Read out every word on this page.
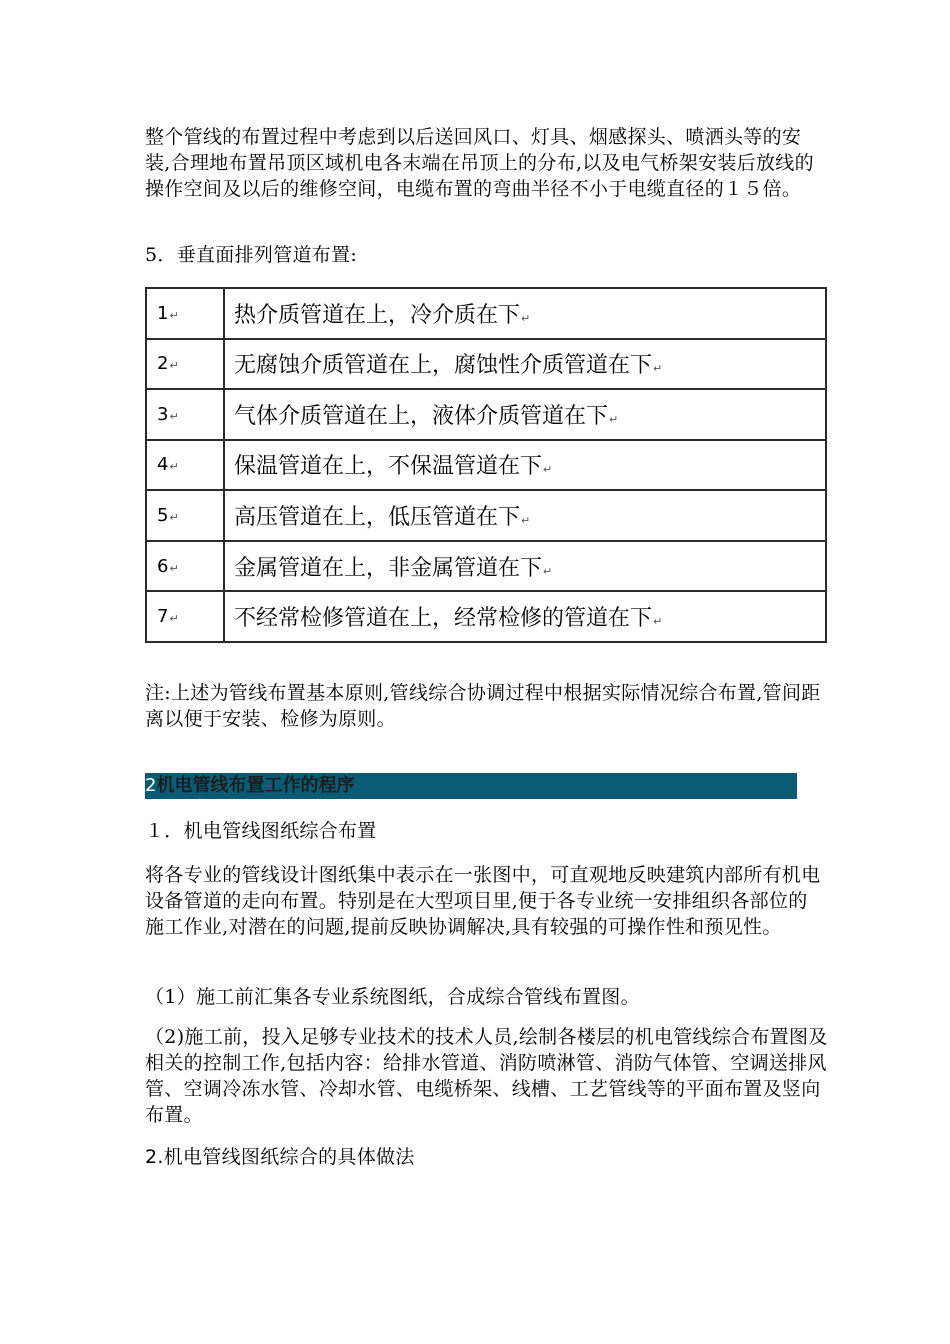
整个管线的布置过程中考虑到以后送回风口、灯具、烟感探头、喷洒头等的安装,合理地布置吊顶区域机电各末端在吊顶上的分布,以及电气桥架安装后放线的操作空间及以后的维修空间，电缆布置的弯曲半径不小于电缆直径的１５倍。

5．垂直面排列管道布置:

1↵	热介质管道在上，冷介质在下↵
2↵	无腐蚀介质管道在上，腐蚀性介质管道在下↵
3↵	气体介质管道在上，液体介质管道在下↵
4↵	保温管道在上，不保温管道在下↵
5↵	高压管道在上，低压管道在下↵
6↵	金属管道在上，非金属管道在下↵
7↵	不经常检修管道在上，经常检修的管道在下↵

注:上述为管线布置基本原则,管线综合协调过程中根据实际情况综合布置,管间距离以便于安装、检修为原则。

2机电管线布置工作的程序

１．机电管线图纸综合布置

将各专业的管线设计图纸集中表示在一张图中，可直观地反映建筑内部所有机电设备管道的走向布置。特别是在大型项目里,便于各专业统一安排组织各部位的施工作业,对潜在的问题,提前反映协调解决,具有较强的可操作性和预见性。

（1）施工前汇集各专业系统图纸，合成综合管线布置图。

（2)施工前，投入足够专业技术的技术人员,绘制各楼层的机电管线综合布置图及相关的控制工作,包括内容：给排水管道、消防喷淋管、消防气体管、空调送排风管、空调冷冻水管、冷却水管、电缆桥架、线槽、工艺管线等的平面布置及竖向布置。

2.机电管线图纸综合的具体做法
